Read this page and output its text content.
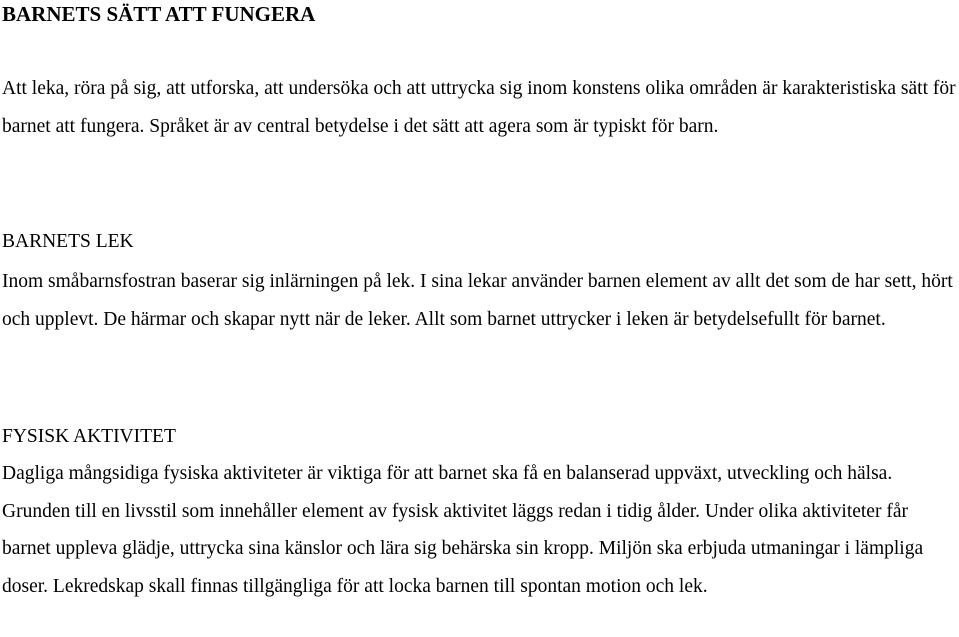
BARNETS SÄTT ATT FUNGERA

Att leka, röra på sig, att utforska, att undersöka och att uttrycka sig inom konstens olika områden är karakteristiska sätt för barnet att fungera. Språket är av central betydelse i det sätt att agera som är typiskt för barn.

BARNETS LEK

Inom småbarnsfostran baserar sig inlärningen på lek. I sina lekar använder barnen element av allt det som de har sett, hört och upplevt. De härmar och skapar nytt när de leker. Allt som barnet uttrycker i leken är betydelsefullt för barnet.

FYSISK AKTIVITET

Dagliga mångsidiga fysiska aktiviteter är viktiga för att barnet ska få en balanserad uppväxt, utveckling och hälsa. Grunden till en livsstil som innehåller element av fysisk aktivitet läggs redan i tidig ålder. Under olika aktiviteter får barnet uppleva glädje, uttrycka sina känslor och lära sig behärska sin kropp. Miljön ska erbjuda utmaningar i lämpliga doser. Lekredskap skall finnas tillgängliga för att locka barnen till spontan motion och lek.
